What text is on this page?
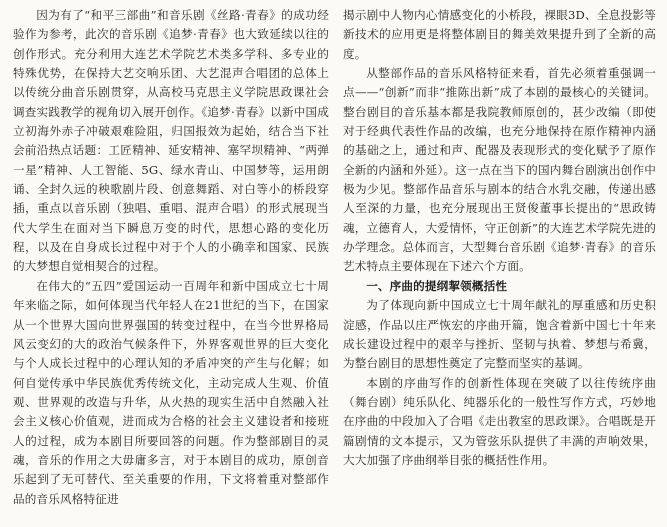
因为有了“和平三部曲”和音乐剧《丝路·青春》的成功经验作为参考，此次的音乐剧《追梦·青春》也大致延续以往的创作形式。充分利用大连艺术学院艺术类多学科、多专业的特殊优势，在保持大艺交响乐团、大艺混声合唱团的总体上以传统分曲音乐剧贯穿，从高校马克思主义学院思政课社会调查实践教学的视角切入展开创作。《追梦·青春》以新中国成立初海外赤子冲破艰难险阻，归国报效为起始，结合当下社会前沿热点话题：工匠精神、延安精神、塞罕坝精神、“两弹一星”精神、人工智能、5G、绿水青山、中国梦等，运用朗诵、全封久远的秧歌剧片段、创意舞蹈、对白等小的桥段穿插，重点以音乐剧（独唱、重唱、混声合唱）的形式展现当代大学生在面对当下瞬息万变的时代，思想心路的变化历程，以及在自身成长过程中对于个人的小确幸和国家、民族的大梦想自觉相契合的过程。

在伟大的“五四”爱国运动一百周年和新中国成立七十周年来临之际，如何体现当代年轻人在21世纪的当下，在国家从一个世界大国向世界强国的转变过程中，在当今世界格局风云变幻的大的政治气候条件下，外界客观世界的巨大变化与个人成长过程中的心理认知的矛盾冲突的产生与化解；如何自觉传承中华民族优秀传统文化，主动完成人生观、价值观、世界观的改造与升华，从火热的现实生活中自然融入社会主义核心价值观，进而成为合格的社会主义建设者和接班人的过程，成为本剧目所要回答的问题。作为整部剧目的灵魂，音乐的作用之大毋庸多言，对于本剧目的成功，原创音乐起到了无可替代、至关重要的作用，下文将着重对整部作品的音乐风格特征进

揭示剧中人物内心情感变化的小桥段，裸眼3D、全息投影等新技术的应用更是将整体剧目的舞美效果提升到了全新的高度。

从整部作品的音乐风格特征来看，首先必须着重强调一点——“创新”而非“推陈出新”成了本剧的最核心的关键词。整台剧目的音乐基本都是我院教师原创的，甚少改编（即使对于经典代表性作品的改编，也充分地保持在原作精神内涵的基础之上，通过和声、配器及表现形式的变化赋予了原作全新的内涵和外延）。这一点在当下的国内舞台剧演出创作中极为少见。整部作品音乐与剧本的结合水乳交融，传递出感人至深的力量，也充分展现出王贤俊董事长提出的“思政铸魂，立德育人，大爱情怀，守正创新”的大连艺术学院先进的办学理念。总体而言，大型舞台音乐剧《追梦·青春》的音乐艺术特点主要体现在下述六个方面。

一、序曲的提纲挈领概括性

为了体现向新中国成立七十周年献礼的厚重感和历史积淀感，作品以庄严恢宏的序曲开篇，饱含着新中国七十年来成长建设过程中的艰辛与挫折、坚韧与执着、梦想与希冀，为整台剧目的思想性奠定了完整而坚实的基调。

本剧的序曲写作的创新性体现在突破了以往传统序曲（舞台剧）纯乐队化、纯器乐化的一般性写作方式，巧妙地在序曲的中段加入了合唱《走出教室的思政课》。合唱既是开篇剧情的文本提示，又为管弦乐队提供了丰满的声响效果，大大加强了序曲纲举目张的概括性作用。
